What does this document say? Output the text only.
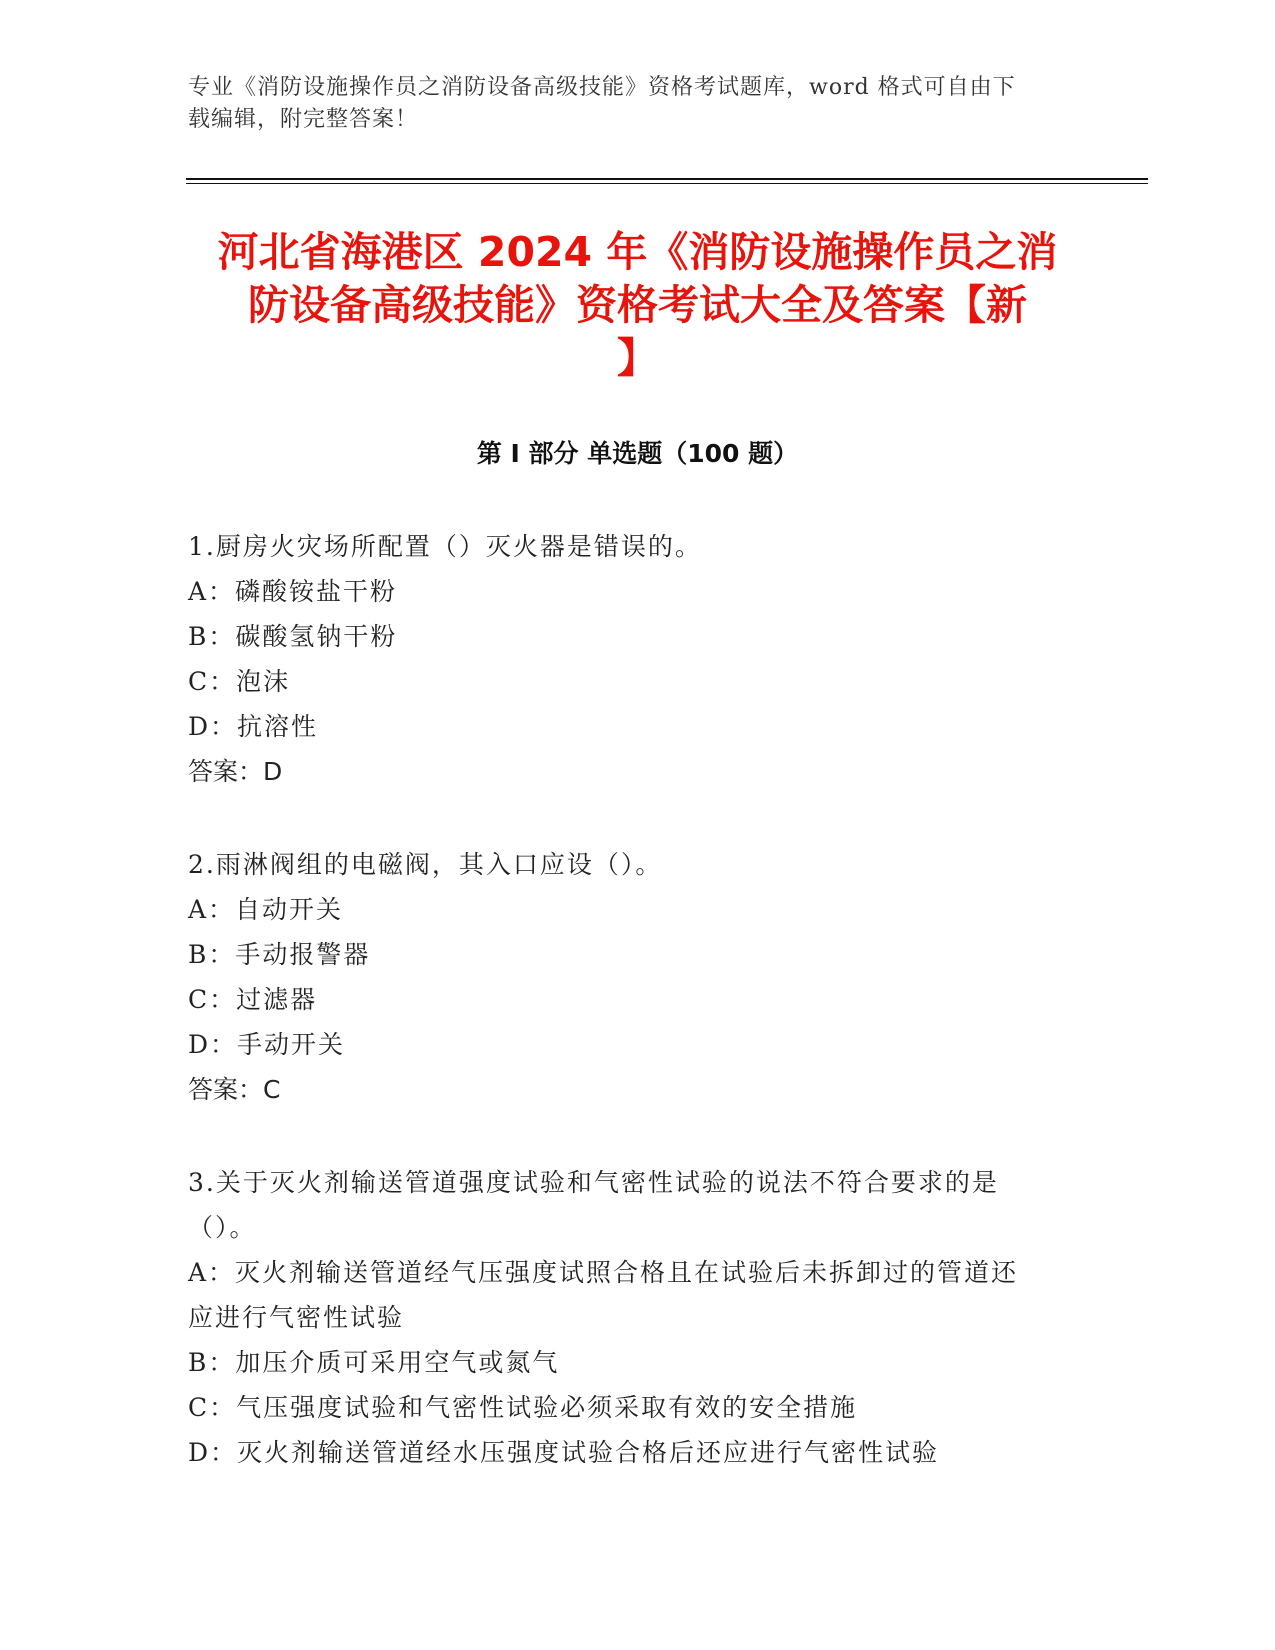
专业《消防设施操作员之消防设备高级技能》资格考试题库，word 格式可自由下
载编辑，附完整答案！
河北省海港区 2024 年《消防设施操作员之消
防设备高级技能》资格考试大全及答案【新
】
第 I 部分 单选题（100 题）
1.厨房火灾场所配置（）灭火器是错误的。
A：磷酸铵盐干粉
B：碳酸氢钠干粉
C：泡沫
D：抗溶性
答案：D
2.雨淋阀组的电磁阀，其入口应设（）。
A：自动开关
B：手动报警器
C：过滤器
D：手动开关
答案：C
3.关于灭火剂输送管道强度试验和气密性试验的说法不符合要求的是
（）。
A：灭火剂输送管道经气压强度试照合格且在试验后未拆卸过的管道还
应进行气密性试验
B：加压介质可采用空气或氮气
C：气压强度试验和气密性试验必须采取有效的安全措施
D：灭火剂输送管道经水压强度试验合格后还应进行气密性试验
